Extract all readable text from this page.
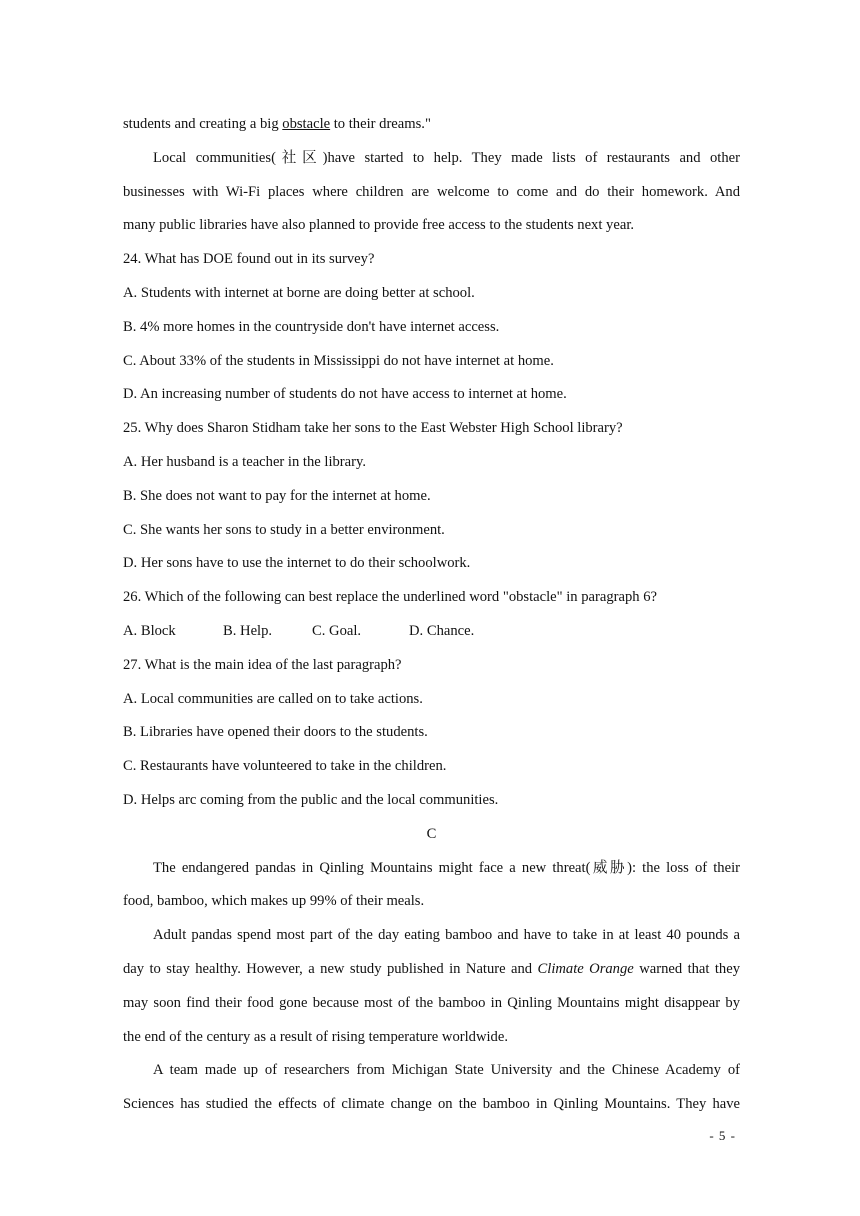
students and creating a big obstacle to their dreams."
Local communities(社区)have started to help. They made lists of restaurants and other
businesses with Wi-Fi places where children are welcome to come and do their homework. And
many public libraries have also planned to provide free access to the students next year.
24. What has DOE found out in its survey?
A. Students with internet at borne are doing better at school.
B. 4% more homes in the countryside don't have internet access.
C. About 33% of the students in Mississippi do not have internet at home.
D. An increasing number of students do not have access to internet at home.
25. Why does Sharon Stidham take her sons to the East Webster High School library?
A. Her husband is a teacher in the library.
B. She does not want to pay for the internet at home.
C. She wants her sons to study in a better environment.
D. Her sons have to use the internet to do their schoolwork.
26. Which of the following can best replace the underlined word "obstacle" in paragraph 6?
A. Block	B. Help.	C. Goal.	D. Chance.
27. What is the main idea of the last paragraph?
A. Local communities are called on to take actions.
B. Libraries have opened their doors to the students.
C. Restaurants have volunteered to take in the children.
D. Helps arc coming from the public and the local communities.
C
The endangered pandas in Qinling Mountains might face a new threat(威胁): the loss of their
food, bamboo, which makes up 99% of their meals.
Adult pandas spend most part of the day eating bamboo and have to take in at least 40 pounds a
day to stay healthy. However, a new study published in Nature and Climate Orange warned that they
may soon find their food gone because most of the bamboo in Qinling Mountains might disappear by
the end of the century as a result of rising temperature worldwide.
A team made up of researchers from Michigan State University and the Chinese Academy of
Sciences has studied the effects of climate change on the bamboo in Qinling Mountains. They have
- 5 -
